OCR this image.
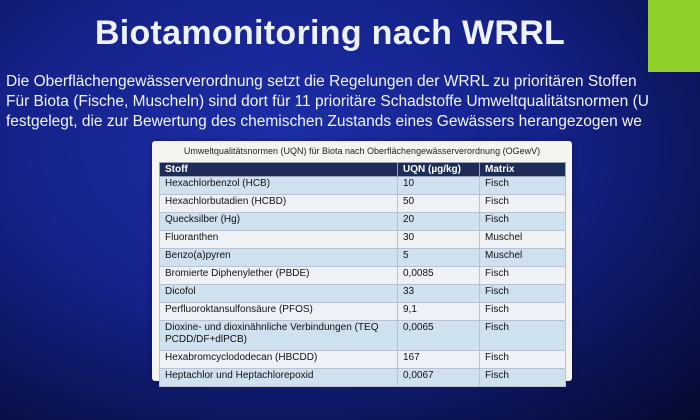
Biotamonitoring nach WRRL
Die Oberflächengewässerverordnung setzt die Regelungen der WRRL zu prioritären Stoffen
Für Biota (Fische, Muscheln) sind dort für 11 prioritäre Schadstoffe Umweltqualitätsnormen (U
festgelegt, die zur Bewertung des chemischen Zustands eines Gewässers herangezogen we
Umweltqualitätsnormen (UQN) für Biota nach Oberflächengewässerverordnung (OGewV)
Stoff	UQN (µg/kg)	Matrix
Hexachlorbenzol (HCB)	10	Fisch
Hexachlorbutadien (HCBD)	50	Fisch
Quecksilber (Hg)	20	Fisch
Fluoranthen	30	Muschel
Benzo(a)pyren	5	Muschel
Bromierte Diphenylether (PBDE)	0,0085	Fisch
Dicofol	33	Fisch
Perfluoroktansulfonsäure (PFOS)	9,1	Fisch
Dioxine- und dioxinähnliche Verbindungen (TEQ PCDD/DF+dlPCB)	0,0065	Fisch
Hexabromcyclododecan (HBCDD)	167	Fisch
Heptachlor und Heptachlorepoxid	0,0067	Fisch
